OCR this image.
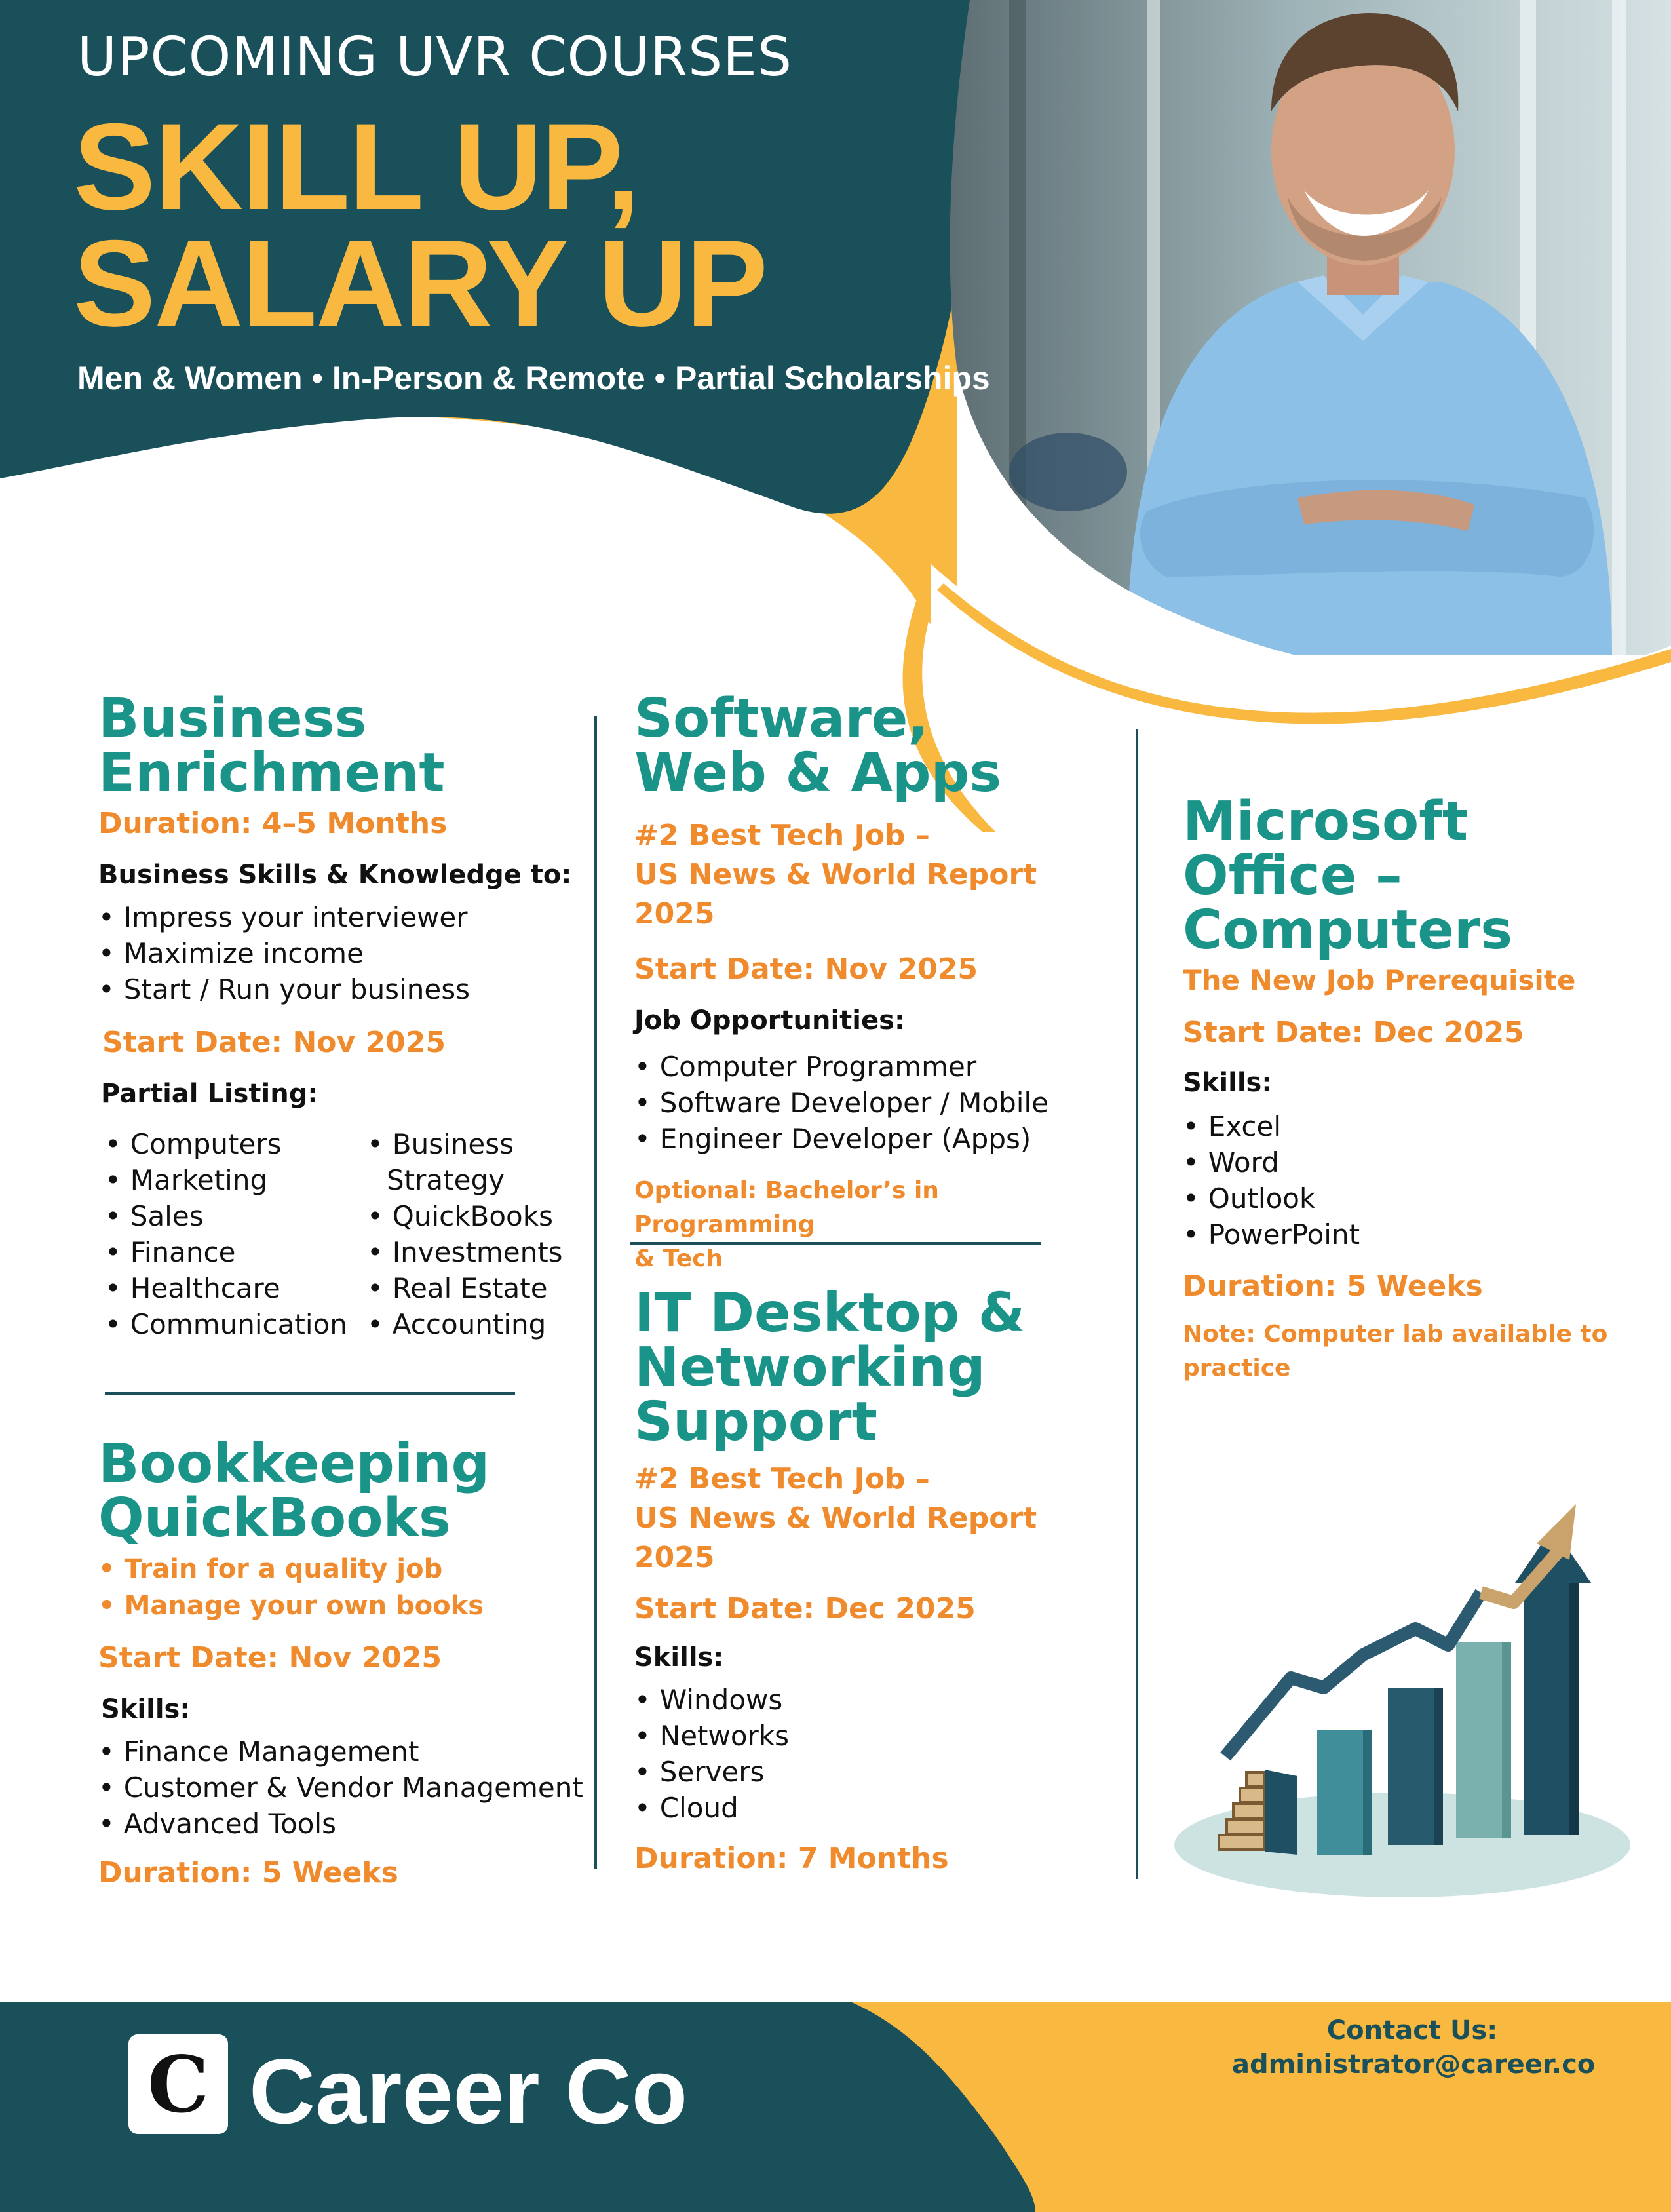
UPCOMING UVR COURSES
SKILL UP,
SALARY UP
Men & Women • In-Person & Remote • Partial Scholarships
Business
Enrichment
Duration: 4–5 Months
Business Skills & Knowledge to:
• Impress your interviewer
• Maximize income
• Start / Run your business
Start Date: Nov 2025
Partial Listing:
• Computers
• Marketing
• Sales
• Finance
• Healthcare
• Communication
• Business
Strategy
• QuickBooks
• Investments
• Real Estate
• Accounting
Bookkeeping
QuickBooks
• Train for a quality job
• Manage your own books
Start Date: Nov 2025
Skills:
• Finance Management
• Customer & Vendor Management
• Advanced Tools
Duration: 5 Weeks
Software,
Web & Apps
#2 Best Tech Job –
US News & World Report 2025
Start Date: Nov 2025
Job Opportunities:
• Computer Programmer
• Software Developer / Mobile
• Engineer Developer (Apps)
Optional: Bachelor’s in Programming
& Tech
IT Desktop &
Networking
Support
#2 Best Tech Job –
US News & World Report 2025
Start Date: Dec 2025
Skills:
• Windows
• Networks
• Servers
• Cloud
Duration: 7 Months
Microsoft
Office –
Computers
The New Job Prerequisite
Start Date: Dec 2025
Skills:
• Excel
• Word
• Outlook
• PowerPoint
Duration: 5 Weeks
Note: Computer lab available to
practice
C Career Co
Contact Us:
administrator@career.co
